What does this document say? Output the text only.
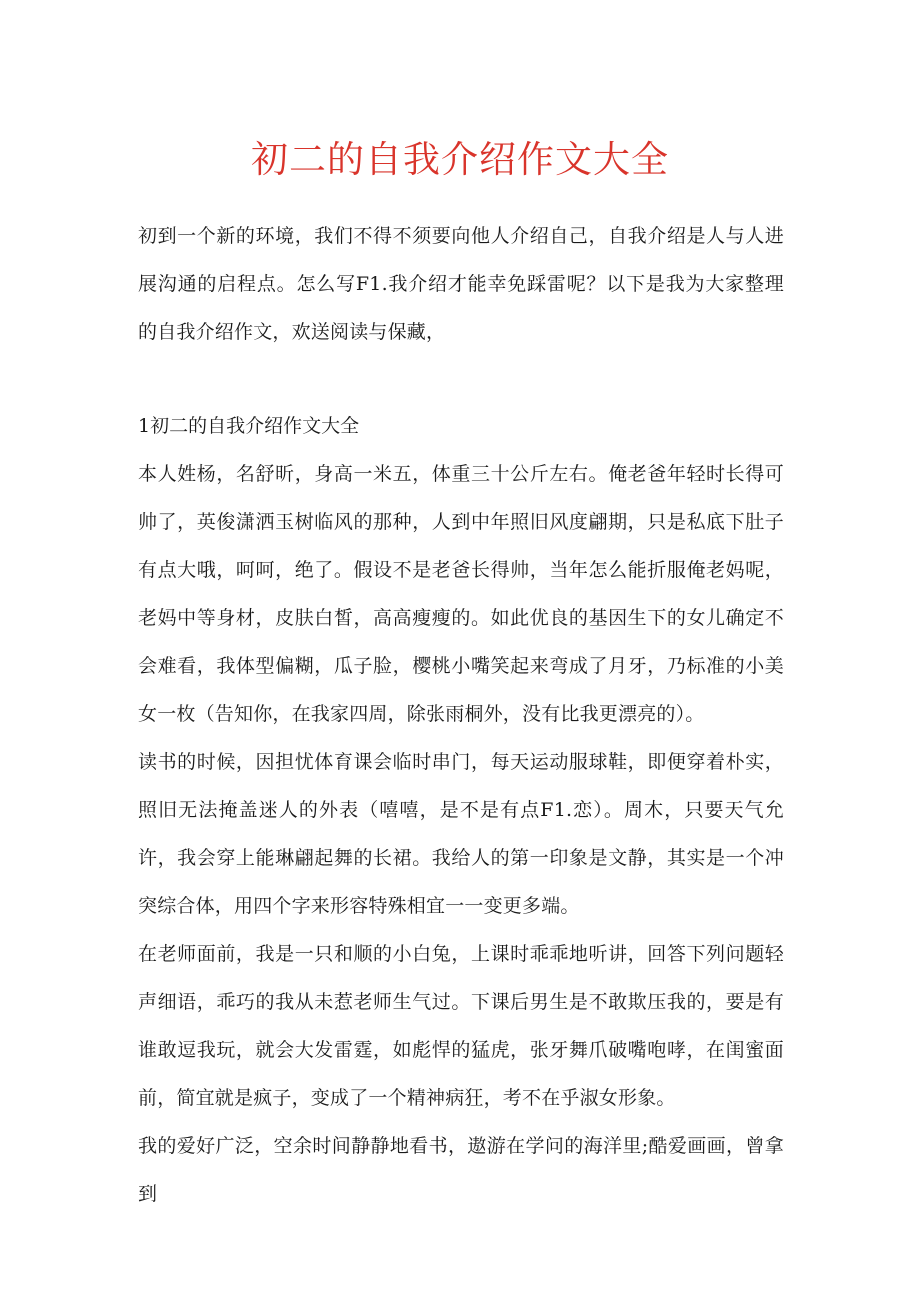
初二的自我介绍作文大全

初到一个新的环境，我们不得不须要向他人介绍自己，自我介绍是人与人进展沟通的启程点。怎么写F1.我介绍才能幸免踩雷呢？以下是我为大家整理的自我介绍作文，欢送阅读与保藏，

1初二的自我介绍作文大全

本人姓杨，名舒昕，身高一米五，体重三十公斤左右。俺老爸年轻时长得可帅了，英俊潇洒玉树临风的那种，人到中年照旧风度翩期，只是私底下肚子有点大哦，呵呵，绝了。假设不是老爸长得帅，当年怎么能折服俺老妈呢，老妈中等身材，皮肤白皙，高高瘦瘦的。如此优良的基因生下的女儿确定不会难看，我体型偏糊，瓜子脸，樱桃小嘴笑起来弯成了月牙，乃标准的小美女一枚（告知你，在我家四周，除张雨桐外，没有比我更漂亮的）。

读书的时候，因担忧体育课会临时串门，每天运动服球鞋，即便穿着朴实，照旧无法掩盖迷人的外表（嘻嘻，是不是有点F1.恋）。周木，只要天气允许，我会穿上能琳翩起舞的长裙。我给人的第一印象是文静，其实是一个冲突综合体，用四个字来形容特殊相宜一一变更多端。

在老师面前，我是一只和顺的小白兔，上课时乖乖地听讲，回答下列问题轻声细语，乖巧的我从未惹老师生气过。下课后男生是不敢欺压我的，要是有谁敢逗我玩，就会大发雷霆，如彪悍的猛虎，张牙舞爪破嘴咆哮，在闺蜜面前，简宜就是疯子，变成了一个精神病狂，考不在乎淑女形象。

我的爱好广泛，空余时间静静地看书，遨游在学问的海洋里;酷爱画画，曾拿到
